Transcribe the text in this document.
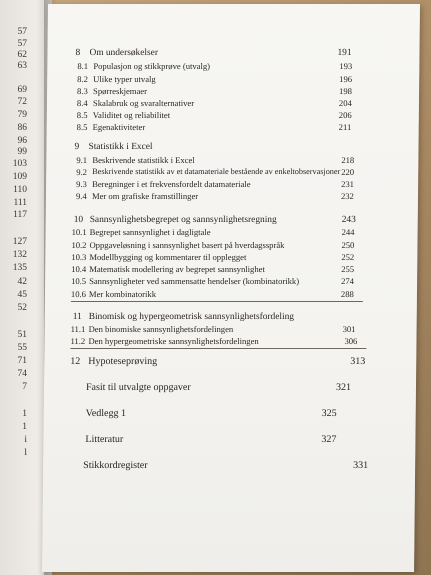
57
57
62
63
69
72
79
86
96
99
103
109
110
111
117
127
132
135
42
45
52
51
55
71
74
7
1
1
i
l
8 Om undersøkelser	191
8.1 Populasjon og stikkprøve (utvalg)	193
8.2 Ulike typer utvalg	196
8.3 Spørreskjemaer	198
8.4 Skalabruk og svaralternativer	204
8.5 Validitet og reliabilitet	206
8.5 Egenaktiviteter	211
9 Statistikk i Excel
9.1 Beskrivende statistikk i Excel	218
9.2 Beskrivende statistikk av et datamateriale bestående av enkeltobservasjoner 220
9.3 Beregninger i et frekvensfordelt datamateriale	231
9.4 Mer om grafiske framstillinger	232
10 Sannsynlighetsbegrepet og sannsynlighetsregning	243
10.1 Begrepet sannsynlighet i dagligtale	244
10.2 Oppgaveløsning i sannsynlighet basert på hverdagsspråk	250
10.3 Modellbygging og kommentarer til opplegget	252
10.4 Matematisk modellering av begrepet sannsynlighet	255
10.5 Sannsynligheter ved sammensatte hendelser (kombinatorikk)	274
10.6 Mer kombinatorikk	288
11 Binomisk og hypergeometrisk sannsynlighetsfordeling
11.1 Den binomiske sannsynlighetsfordelingen	301
11.2 Den hypergeometriske sannsynlighetsfordelingen	306
12 Hypoteseprøving	313
Fasit til utvalgte oppgaver	321
Vedlegg 1	325
Litteratur	327
Stikkordregister	331
